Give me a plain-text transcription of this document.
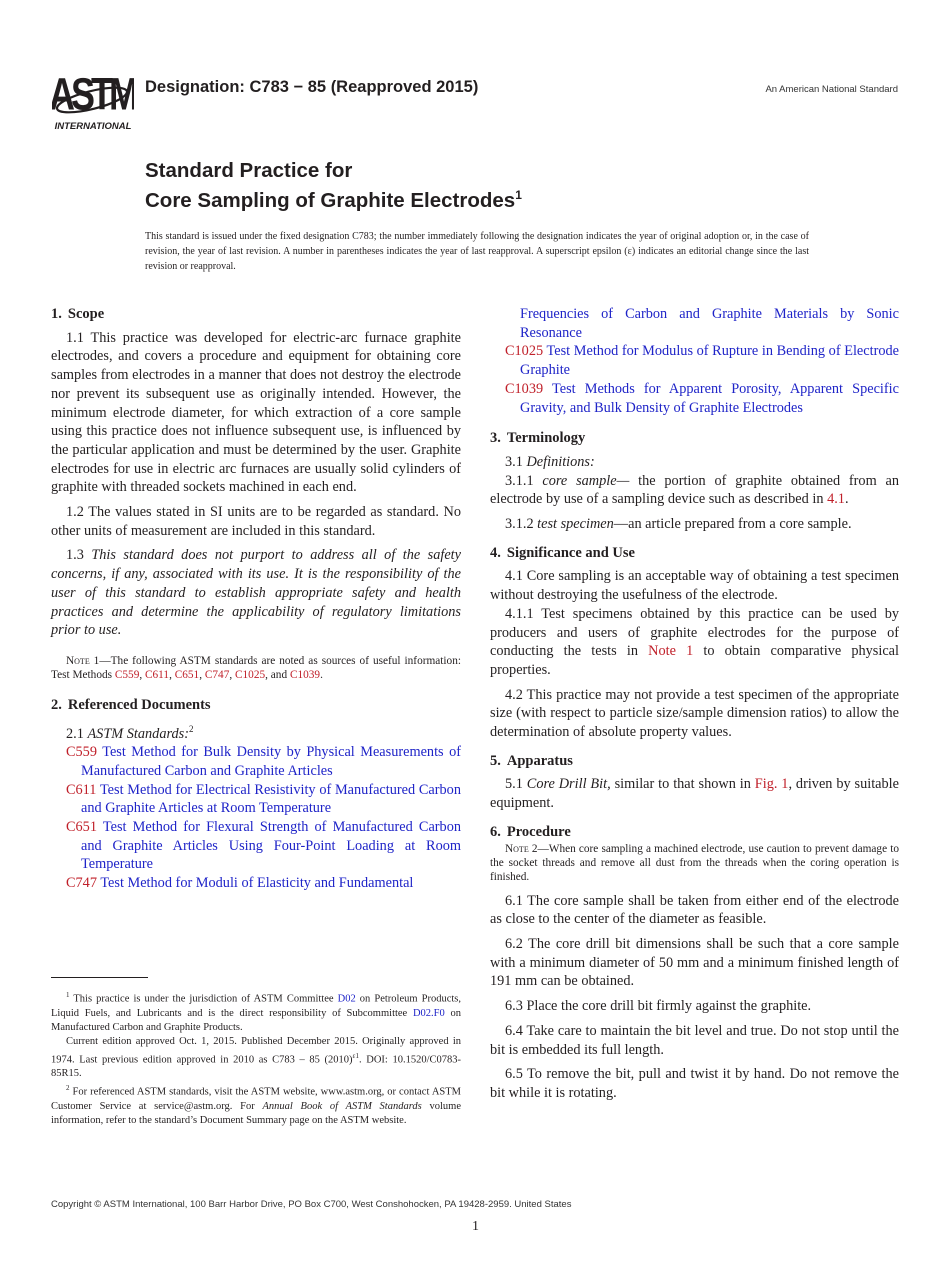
ASTM
INTERNATIONAL
Designation: C783 − 85 (Reapproved 2015)	An American National Standard
Standard Practice for
Core Sampling of Graphite Electrodes$^1$
This standard is issued under the fixed designation C783; the number immediately following the designation indicates the year of original adoption or, in the case of revision, the year of last revision. A number in parentheses indicates the year of last reapproval. A superscript epsilon (ε) indicates an editorial change since the last revision or reapproval.
1. Scope

1.1 This practice was developed for electric-arc furnace graphite electrodes, and covers a procedure and equipment for obtaining core samples from electrodes in a manner that does not destroy the electrode nor prevent its subsequent use as originally intended. However, the minimum electrode diameter, for which extraction of a core sample using this practice does not influence subsequent use, is influenced by the particular application and must be determined by the user. Graphite electrodes for use in electric arc furnaces are usually solid cylinders of graphite with threaded sockets machined in each end.

1.2 The values stated in SI units are to be regarded as standard. No other units of measurement are included in this standard.

1.3 This standard does not purport to address all of the safety concerns, if any, associated with its use. It is the responsibility of the user of this standard to establish appropriate safety and health practices and determine the applicability of regulatory limitations prior to use.

Note 1—The following ASTM standards are noted as sources of useful information: Test Methods C559, C611, C651, C747, C1025, and C1039.

2. Referenced Documents

2.1 ASTM Standards:$^2$

C559 Test Method for Bulk Density by Physical Measurements of Manufactured Carbon and Graphite Articles

C611 Test Method for Electrical Resistivity of Manufactured Carbon and Graphite Articles at Room Temperature

C651 Test Method for Flexural Strength of Manufactured Carbon and Graphite Articles Using Four-Point Loading at Room Temperature

C747 Test Method for Moduli of Elasticity and Fundamental

$^1$ This practice is under the jurisdiction of ASTM Committee D02 on Petroleum Products, Liquid Fuels, and Lubricants and is the direct responsibility of Subcommittee D02.F0 on Manufactured Carbon and Graphite Products.

Current edition approved Oct. 1, 2015. Published December 2015. Originally approved in 1974. Last previous edition approved in 2010 as C783 – 85 $(2010)^{\varepsilon 1}$. DOI: 10.1520/C0783-85R15.

$^2$ For referenced ASTM standards, visit the ASTM website, www.astm.org, or contact ASTM Customer Service at service@astm.org. For Annual Book of ASTM Standards volume information, refer to the standard’s Document Summary page on the ASTM website.

Frequencies of Carbon and Graphite Materials by Sonic Resonance

C1025 Test Method for Modulus of Rupture in Bending of Electrode Graphite

C1039 Test Methods for Apparent Porosity, Apparent Specific Gravity, and Bulk Density of Graphite Electrodes

3. Terminology

3.1 Definitions:

3.1.1 core sample— the portion of graphite obtained from an electrode by use of a sampling device such as described in 4.1.

3.1.2 test specimen—an article prepared from a core sample.

4. Significance and Use

4.1 Core sampling is an acceptable way of obtaining a test specimen without destroying the usefulness of the electrode.

4.1.1 Test specimens obtained by this practice can be used by producers and users of graphite electrodes for the purpose of conducting the tests in Note 1 to obtain comparative physical properties.

4.2 This practice may not provide a test specimen of the appropriate size (with respect to particle size/sample dimension ratios) to allow the determination of absolute property values.

5. Apparatus

5.1 Core Drill Bit, similar to that shown in Fig. 1, driven by suitable equipment.

6. Procedure

Note 2—When core sampling a machined electrode, use caution to prevent damage to the socket threads and remove all dust from the threads when the coring operation is finished.

6.1 The core sample shall be taken from either end of the electrode as close to the center of the diameter as feasible.

6.2 The core drill bit dimensions shall be such that a core sample with a minimum diameter of 50 mm and a minimum finished length of 191 mm can be obtained.

6.3 Place the core drill bit firmly against the graphite.

6.4 Take care to maintain the bit level and true. Do not stop until the bit is embedded its full length.

6.5 To remove the bit, pull and twist it by hand. Do not remove the bit while it is rotating.

Copyright © ASTM International, 100 Barr Harbor Drive, PO Box C700, West Conshohocken, PA 19428-2959. United States
1
